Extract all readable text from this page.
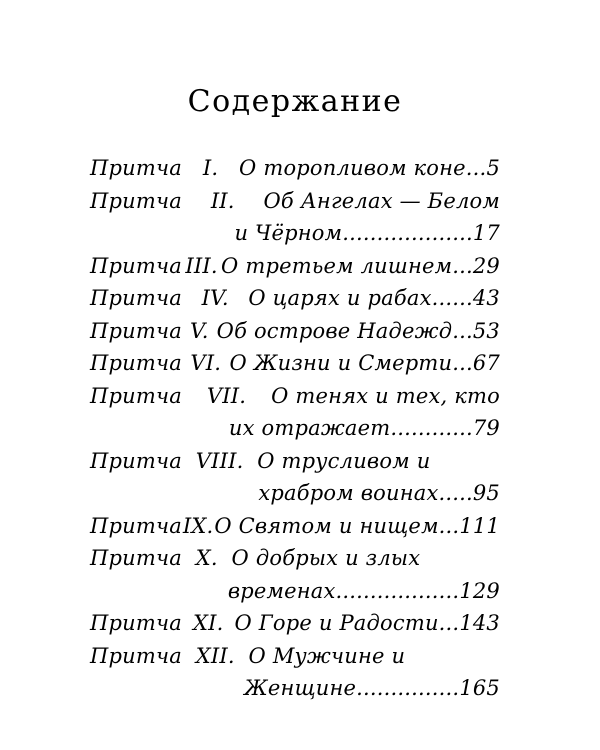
Содержание
Притча I. О торопливом коне...5
Притча II. Об Ангелах — Белом
и Чёрном...................17
Притча III. О третьем лишнем...29
Притча IV. О царях и рабах......43
Притча V. Об острове Надежд...53
Притча VI. О Жизни и Смерти...67
Притча VII. О тенях и тех, кто
их отражает............79
Притча VIII. О трусливом и
храбром воинах.....95
Притча IX. О Святом и нищем...111
Притча X. О добрых и злых
временах..................129
Притча XI. О Горе и Радости...143
Притча XII. О Мужчине и
Женщине...............165
